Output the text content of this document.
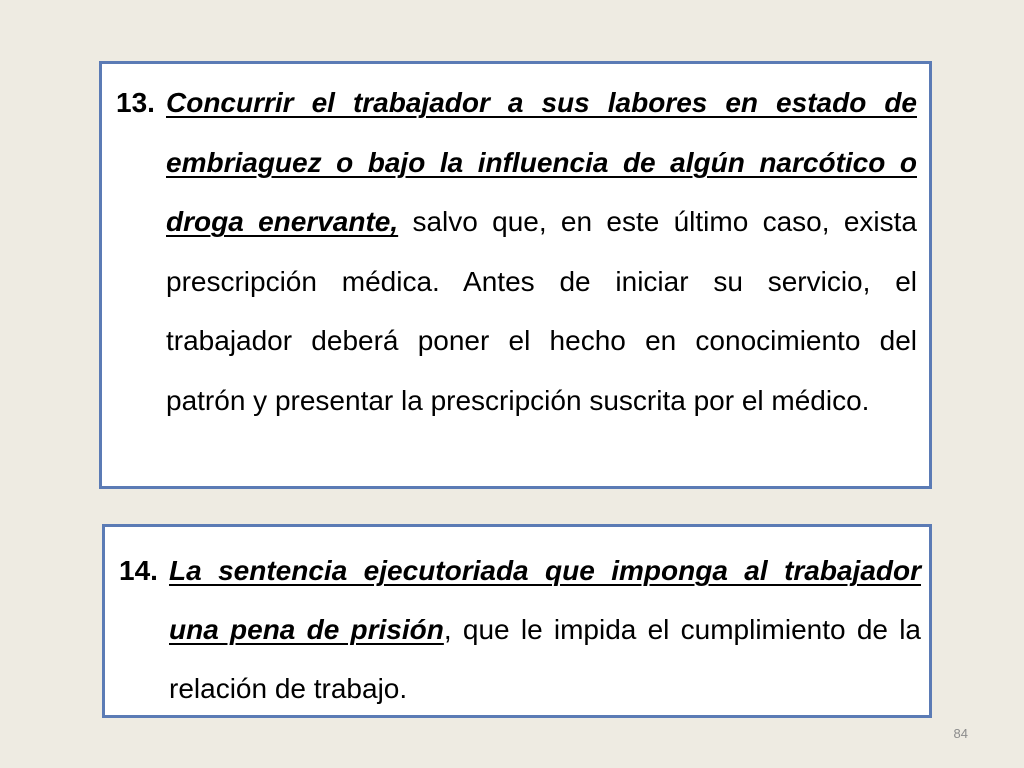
13. Concurrir el trabajador a sus labores en estado de embriaguez o bajo la influencia de algún narcótico o droga enervante, salvo que, en este último caso, exista prescripción médica. Antes de iniciar su servicio, el trabajador deberá poner el hecho en conocimiento del patrón y presentar la prescripción suscrita por el médico.
14. La sentencia ejecutoriada que imponga al trabajador una pena de prisión, que le impida el cumplimiento de la relación de trabajo.
84
